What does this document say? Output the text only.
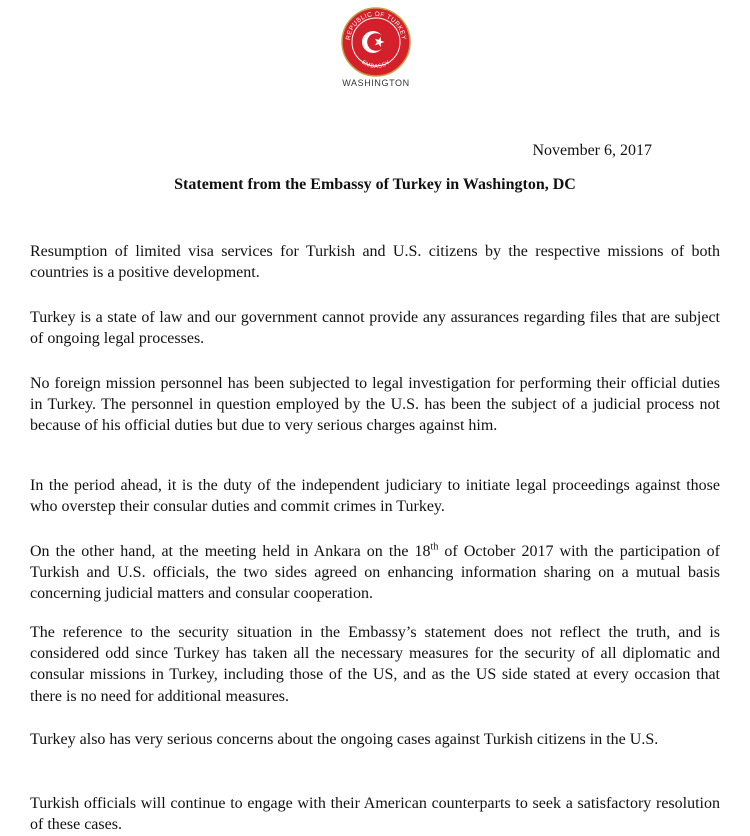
REPUBLIC OF TURKEY
EMBASSY
WASHINGTON
November 6, 2017
Statement from the Embassy of Turkey in Washington, DC

Resumption of limited visa services for Turkish and U.S. citizens by the respective missions of both countries is a positive development.

Turkey is a state of law and our government cannot provide any assurances regarding files that are subject of ongoing legal processes.

No foreign mission personnel has been subjected to legal investigation for performing their official duties in Turkey. The personnel in question employed by the U.S. has been the subject of a judicial process not because of his official duties but due to very serious charges against him.

In the period ahead, it is the duty of the independent judiciary to initiate legal proceedings against those who overstep their consular duties and commit crimes in Turkey.

On the other hand, at the meeting held in Ankara on the 18th of October 2017 with the participation of Turkish and U.S. officials, the two sides agreed on enhancing information sharing on a mutual basis concerning judicial matters and consular cooperation.

The reference to the security situation in the Embassy’s statement does not reflect the truth, and is considered odd since Turkey has taken all the necessary measures for the security of all diplomatic and consular missions in Turkey, including those of the US, and as the US side stated at every occasion that there is no need for additional measures.

Turkey also has very serious concerns about the ongoing cases against Turkish citizens in the U.S.

Turkish officials will continue to engage with their American counterparts to seek a satisfactory resolution of these cases.
